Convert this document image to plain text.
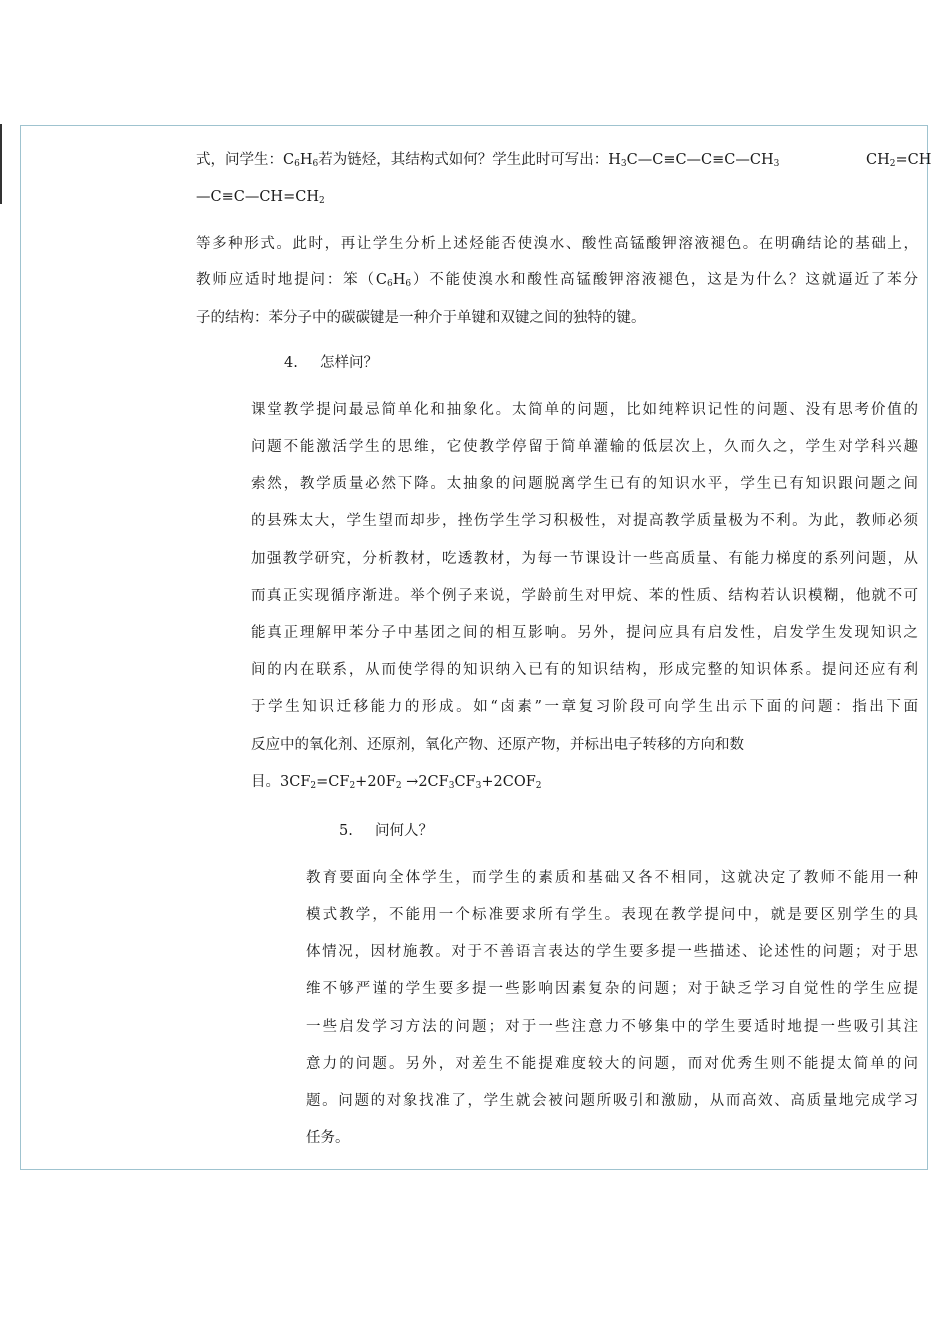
式，问学生：$C_6H_6$若为链烃，其结构式如何？学生此时可写出：$H_3C—C\equiv C—C\equiv C—CH_3$	$CH_2=CH$
$—C\equiv C—CH=CH_2$
等多种形式。此时，再让学生分析上述烃能否使溴水、酸性高锰酸钾溶液褪色。在明确结论的基础上，
教师应适时地提问：笨$(C_6H_6)$不能使溴水和酸性高锰酸钾溶液褪色，这是为什么？这就逼近了苯分
子的结构：苯分子中的碳碳键是一种介于单键和双键之间的独特的键。
4. 怎样问？
课堂教学提问最忌简单化和抽象化。太简单的问题，比如纯粹识记性的问题、没有思考价值的
问题不能激活学生的思维，它使教学停留于简单灌输的低层次上，久而久之，学生对学科兴趣
索然，教学质量必然下降。太抽象的问题脱离学生已有的知识水平，学生已有知识跟问题之间
的县殊太大，学生望而却步，挫伤学生学习积极性，对提高教学质量极为不利。为此，教师必须
加强教学研究，分析教材，吃透教材，为每一节课设计一些高质量、有能力梯度的系列问题，从
而真正实现循序渐进。举个例子来说，学龄前生对甲烷、苯的性质、结构若认识模糊，他就不可
能真正理解甲苯分子中基团之间的相互影响。另外，提问应具有启发性，启发学生发现知识之
间的内在联系，从而使学得的知识纳入已有的知识结构，形成完整的知识体系。提问还应有利
于学生知识迁移能力的形成。如“卤素”一章复习阶段可向学生出示下面的问题：指出下面
反应中的氧化剂、还原剂，氧化产物、还原产物，并标出电子转移的方向和数
目。$3CF_2=CF_2+20F_2 \to 2CF_3CF_3+2COF_2$
5. 问何人？
教育要面向全体学生，而学生的素质和基础又各不相同，这就决定了教师不能用一种
模式教学，不能用一个标准要求所有学生。表现在教学提问中，就是要区别学生的具
体情况，因材施教。对于不善语言表达的学生要多提一些描述、论述性的问题；对于思
维不够严谨的学生要多提一些影响因素复杂的问题；对于缺乏学习自觉性的学生应提
一些启发学习方法的问题；对于一些注意力不够集中的学生要适时地提一些吸引其注
意力的问题。另外，对差生不能提难度较大的问题，而对优秀生则不能提太简单的问
题。问题的对象找准了，学生就会被问题所吸引和激励，从而高效、高质量地完成学习
任务。
